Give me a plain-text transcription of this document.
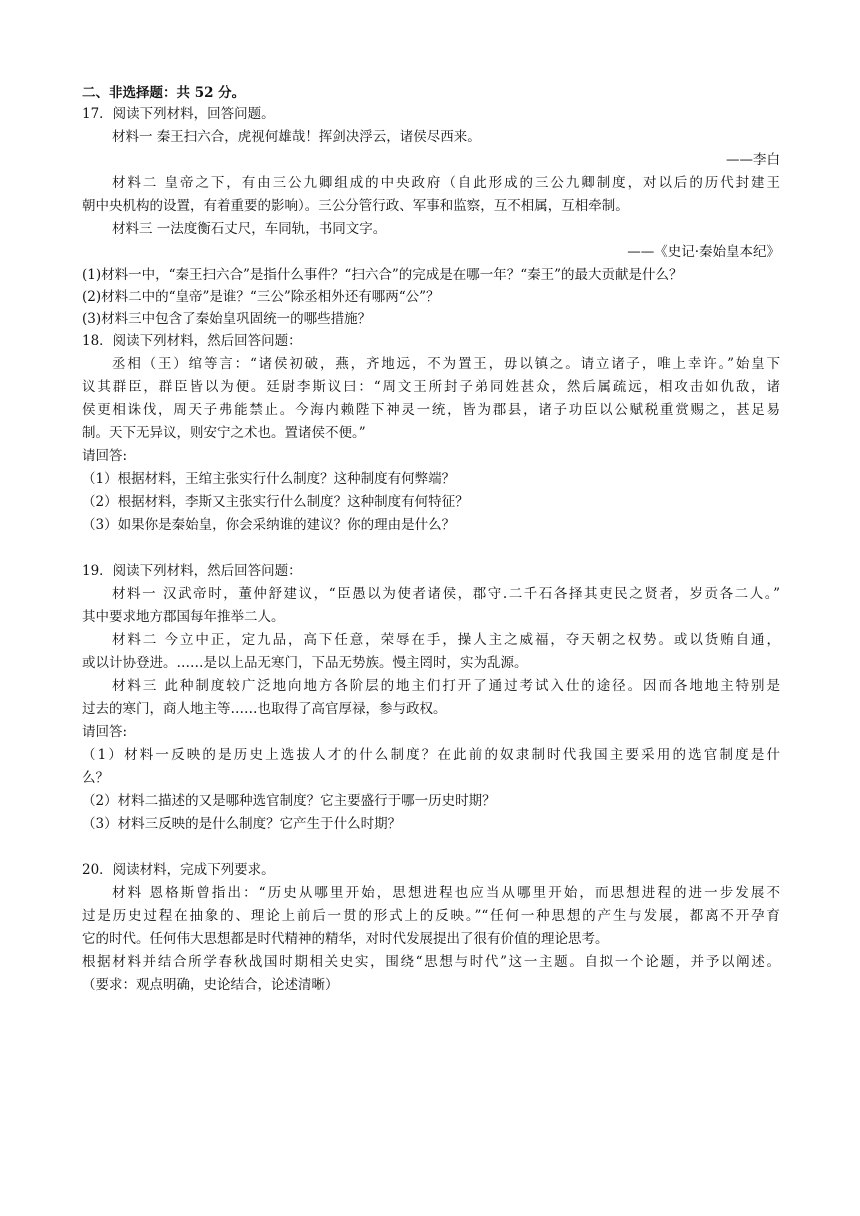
二、非选择题：共 52 分。
17．阅读下列材料，回答问题。
材料一 秦王扫六合，虎视何雄哉！挥剑决浮云，诸侯尽西来。
——李白
材料二 皇帝之下，有由三公九卿组成的中央政府（自此形成的三公九卿制度，对以后的历代封建王
朝中央机构的设置，有着重要的影响）。三公分管行政、军事和监察，互不相属，互相牵制。
材料三 一法度衡石丈尺，车同轨，书同文字。
——《史记·秦始皇本纪》
(1)材料一中，“秦王扫六合”是指什么事件？“扫六合”的完成是在哪一年？“秦王”的最大贡献是什么？
(2)材料二中的“皇帝”是谁？“三公”除丞相外还有哪两“公”？
(3)材料三中包含了秦始皇巩固统一的哪些措施？
18．阅读下列材料，然后回答问题：
丞相（王）绾等言：“诸侯初破，燕，齐地远，不为置王，毋以镇之。请立诸子，唯上幸许。”始皇下
议其群臣，群臣皆以为便。廷尉李斯议曰：“周文王所封子弟同姓甚众，然后属疏远，相攻击如仇敌，诸
侯更相诛伐，周天子弗能禁止。今海内赖陛下神灵一统，皆为郡县，诸子功臣以公赋税重赏赐之，甚足易
制。天下无异议，则安宁之术也。置诸侯不便。”
请回答:
（1）根据材料，王绾主张实行什么制度？这种制度有何弊端？
（2）根据材料，李斯又主张实行什么制度？这种制度有何特征？
（3）如果你是秦始皇，你会采纳谁的建议？你的理由是什么？
19．阅读下列材料，然后回答问题：
材料一 汉武帝时，董仲舒建议，“臣愚以为使者诸侯，郡守.二千石各择其吏民之贤者，岁贡各二人。”
其中要求地方郡国每年推举二人。
材料二 今立中正，定九品，高下任意，荣辱在手，操人主之威福，夺天朝之权势。或以货贿自通，
或以计协登进。……是以上品无寒门，下品无势族。慢主罔时，实为乱源。
材料三 此种制度较广泛地向地方各阶层的地主们打开了通过考试入仕的途径。因而各地地主特别是
过去的寒门，商人地主等……也取得了高官厚禄，参与政权。
请回答:
（1）材料一反映的是历史上选拔人才的什么制度？在此前的奴隶制时代我国主要采用的选官制度是什
么？
（2）材料二描述的又是哪种选官制度？它主要盛行于哪一历史时期？
（3）材料三反映的是什么制度？它产生于什么时期？
20．阅读材料，完成下列要求。
材料 恩格斯曾指出：“历史从哪里开始，思想进程也应当从哪里开始，而思想进程的进一步发展不
过是历史过程在抽象的、理论上前后一贯的形式上的反映。”“任何一种思想的产生与发展，都离不开孕育
它的时代。任何伟大思想都是时代精神的精华，对时代发展提出了很有价值的理论思考。
根据材料并结合所学春秋战国时期相关史实，围绕“思想与时代”这一主题。自拟一个论题，并予以阐述。
（要求：观点明确，史论结合，论述清晰）
